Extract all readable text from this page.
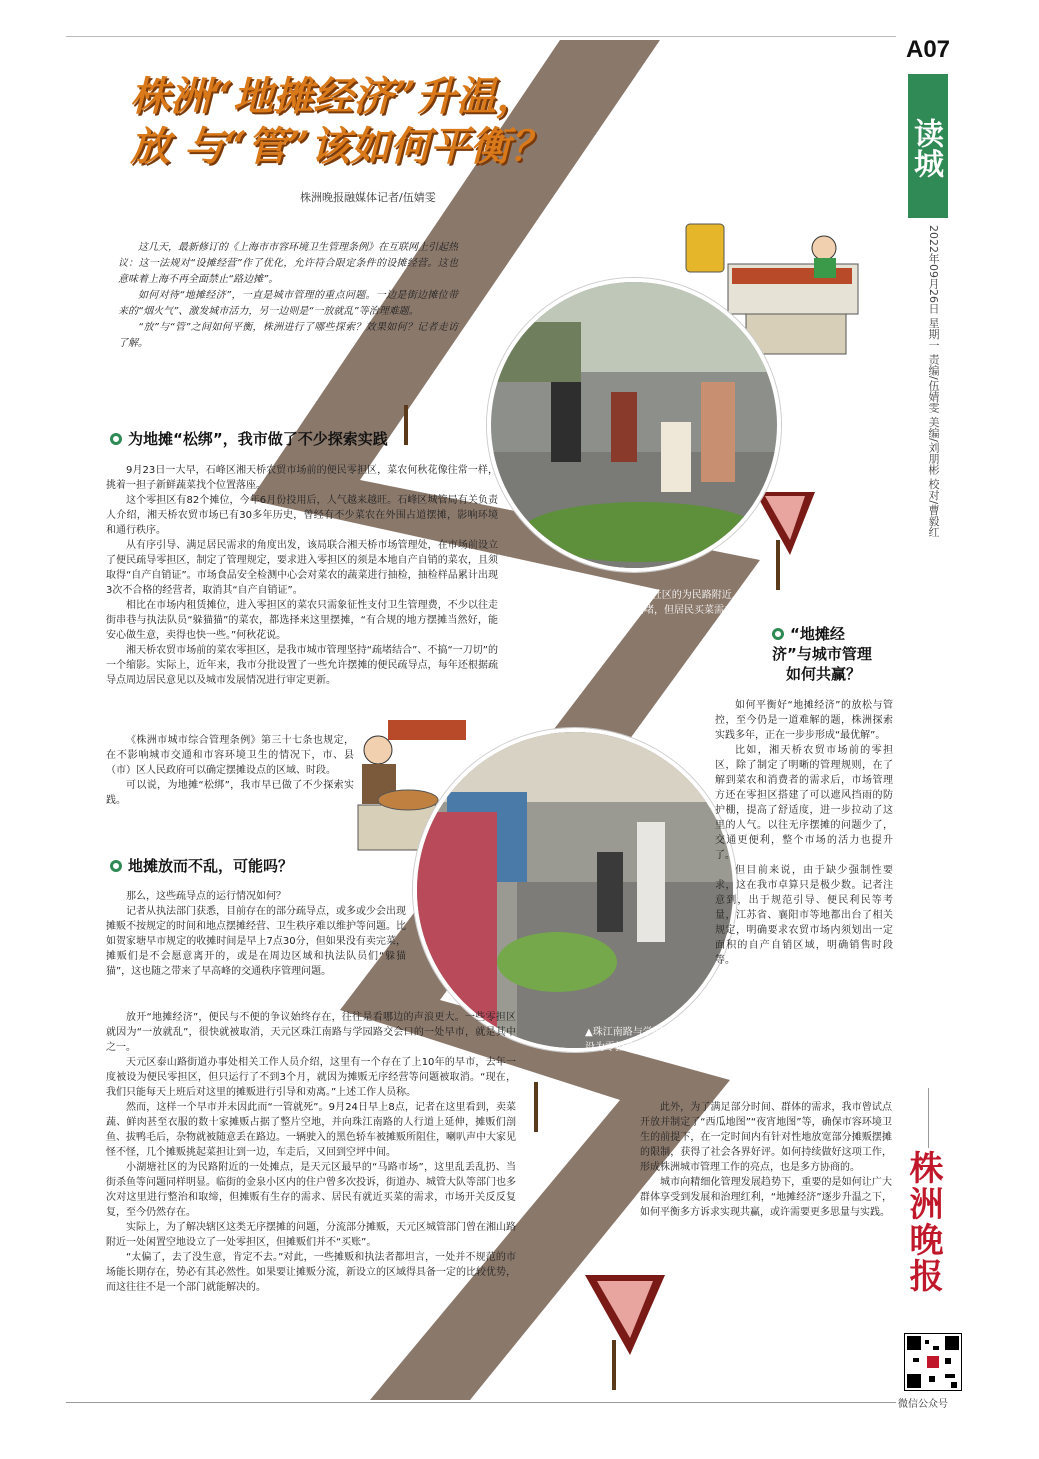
A07
读城
2022年09月26日 星期一 责编/伍婧雯 美编/刘朋彬 校对/曹毅红
株洲晚报
微信公众号
株洲“地摊经济”升温，
放 与“管”该如何平衡？
株洲晚报融媒体记者/伍婧雯

这几天，最新修订的《上海市市容环境卫生管理条例》在互联网上引起热议：这一法规对“设摊经营”作了优化，允许符合限定条件的设摊经营。这也意味着上海不再全面禁止“路边摊”。

如何对待“地摊经济”，一直是城市管理的重点问题。一边是街边摊位带来的“烟火气”、激发城市活力，另一边则是“一放就乱”等治理难题。

“放”与“管”之间如何平衡，株洲进行了哪些探索？效果如何？记者走访了解。

▲小湖塘社区的为民路附近，早市虽然稍堵，但居民买菜需求同样旺盛。
伍婧雯/摄
▲珠江南路与学园路交会处的早市，曾被设为零担疏导区，不久后又被取消。
伍婧雯/摄
为地摊“松绑”，我市做了不少探索实践

9月23日一大早，石峰区湘天桥农贸市场前的便民零担区，菜农何秋花像往常一样，挑着一担子新鲜蔬菜找个位置落座。

这个零担区有82个摊位，今年6月份投用后，人气越来越旺。石峰区城管局有关负责人介绍，湘天桥农贸市场已有30多年历史，曾经有不少菜农在外围占道摆摊，影响环境和通行秩序。

从有序引导、满足居民需求的角度出发，该局联合湘天桥市场管理处，在市场前设立了便民疏导零担区，制定了管理规定，要求进入零担区的须是本地自产自销的菜农，且须取得“自产自销证”。市场食品安全检测中心会对菜农的蔬菜进行抽检，抽检样品累计出现3次不合格的经营者，取消其“自产自销证”。

相比在市场内租赁摊位，进入零担区的菜农只需象征性支付卫生管理费，不少以往走街串巷与执法队员“躲猫猫”的菜农，都选择来这里摆摊，“有合规的地方摆摊当然好，能安心做生意，卖得也快一些。”何秋花说。

湘天桥农贸市场前的菜农零担区，是我市城市管理坚持“疏堵结合”、不搞“一刀切”的一个缩影。实际上，近年来，我市分批设置了一些允许摆摊的便民疏导点，每年还根据疏导点周边居民意见以及城市发展情况进行审定更新。

《株洲市城市综合管理条例》第三十七条也规定，在不影响城市交通和市容环境卫生的情况下，市、县（市）区人民政府可以确定摆摊设点的区域、时段。

可以说，为地摊“松绑”，我市早已做了不少探索实践。

地摊放而不乱，可能吗？

那么，这些疏导点的运行情况如何？

记者从执法部门获悉，目前存在的部分疏导点，或多或少会出现摊贩不按规定的时间和地点摆摊经营、卫生秩序难以维护等问题。比如贺家塘早市规定的收摊时间是早上7点30分，但如果没有卖完菜，摊贩们是不会愿意离开的，或是在周边区域和执法队员们“躲猫猫”，这也随之带来了早高峰的交通秩序管理问题。

放开“地摊经济”，便民与不便的争议始终存在，往往是看哪边的声浪更大。一些零担区就因为“一放就乱”，很快就被取消，天元区珠江南路与学园路交会口的一处早市，就是其中之一。

天元区泰山路街道办事处相关工作人员介绍，这里有一个存在了上10年的早市，去年一度被设为便民零担区，但只运行了不到3个月，就因为摊贩无序经营等问题被取消。“现在，我们只能每天上班后对这里的摊贩进行引导和劝离。”上述工作人员称。

然而，这样一个早市并未因此而“一管就死”。9月24日早上8点，记者在这里看到，卖菜蔬、鲜肉甚至衣服的数十家摊贩占据了整片空地，并向珠江南路的人行道上延伸，摊贩们剖鱼、拔鸭毛后，杂物就被随意丢在路边。一辆驶入的黑色轿车被摊贩所阻住，喇叭声中大家见怪不怪，几个摊贩挑起菜担让到一边，车走后，又回到空坪中间。

小湖塘社区的为民路附近的一处摊点，是天元区最早的“马路市场”，这里乱丢乱扔、当街杀鱼等问题同样明显。临街的金泉小区内的住户曾多次投诉，街道办、城管大队等部门也多次对这里进行整治和取缔，但摊贩有生存的需求、居民有就近买菜的需求，市场开关反反复复，至今仍然存在。

实际上，为了解决辖区这类无序摆摊的问题，分流部分摊贩，天元区城管部门曾在湘山路附近一处闲置空地设立了一处零担区，但摊贩们并不“买账”。

“太偏了，去了没生意，肯定不去。”对此，一些摊贩和执法者都坦言，一处并不规范的市场能长期存在，势必有其必然性。如果要让摊贩分流，新设立的区域得具备一定的比较优势，而这往往不是一个部门就能解决的。

“地摊经
济”与城市管理
如何共赢？

如何平衡好“地摊经济”的放松与管控，至今仍是一道难解的题，株洲探索实践多年，正在一步步形成“最优解”。

比如，湘天桥农贸市场前的零担区，除了制定了明晰的管理规则，在了解到菜农和消费者的需求后，市场管理方还在零担区搭建了可以遮风挡雨的防护棚，提高了舒适度，进一步拉动了这里的人气。以往无序摆摊的问题少了，交通更便利，整个市场的活力也提升了。

但目前来说，由于缺少强制性要求，这在我市卓算只是极少数。记者注意到，出于规范引导、便民利民等考量，江苏省、襄阳市等地都出台了相关规定，明确要求农贸市场内须划出一定面积的自产自销区域，明确销售时段等。

此外，为了满足部分时间、群体的需求，我市曾试点开放并制定了“西瓜地图”“夜宵地图”等，确保市容环境卫生的前提下，在一定时间内有针对性地放宽部分摊贩摆摊的限制，获得了社会各界好评。如何持续做好这项工作，形成株洲城市管理工作的亮点，也是多方协商的。

城市向精细化管理发展趋势下，重要的是如何让广大群体享受到发展和治理红利，“地摊经济”逐步升温之下，如何平衡多方诉求实现共赢，或许需要更多思量与实践。
